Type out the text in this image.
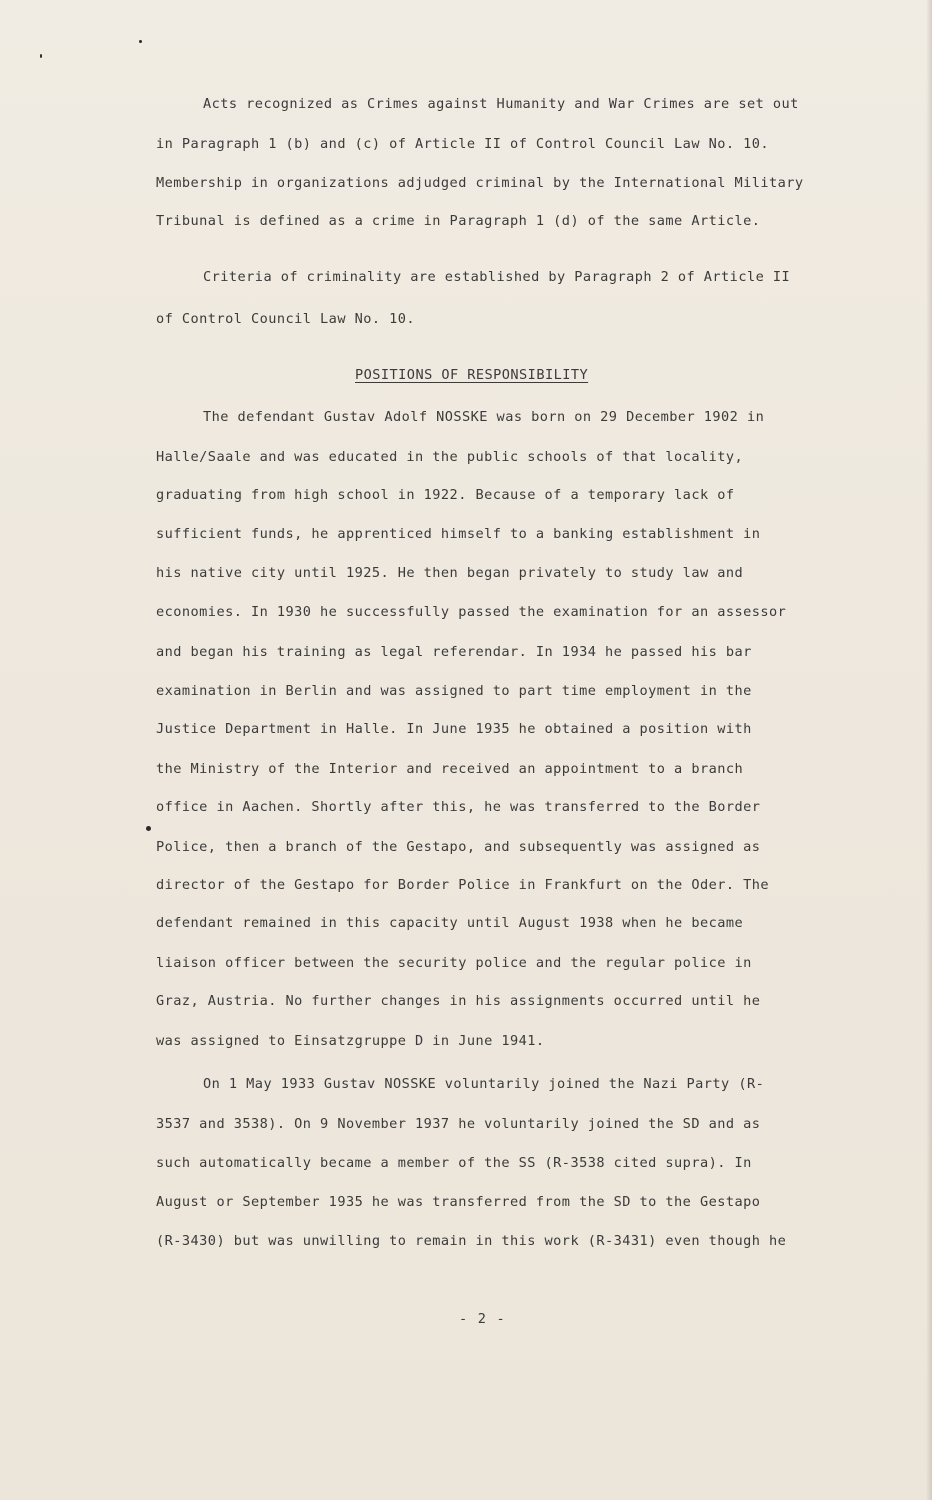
Acts recognized as Crimes against Humanity and War Crimes are set out
in Paragraph 1 (b) and (c) of Article II of Control Council Law No. 10.
Membership in organizations adjudged criminal by the International Military
Tribunal is defined as a crime in Paragraph 1 (d) of the same Article.
Criteria of criminality are established by Paragraph 2 of Article II
of Control Council Law No. 10.
POSITIONS OF RESPONSIBILITY
The defendant Gustav Adolf NOSSKE was born on 29 December 1902 in
Halle/Saale and was educated in the public schools of that locality,
graduating from high school in 1922. Because of a temporary lack of
sufficient funds, he apprenticed himself to a banking establishment in
his native city until 1925. He then began privately to study law and
economies. In 1930 he successfully passed the examination for an assessor
and began his training as legal referendar. In 1934 he passed his bar
examination in Berlin and was assigned to part time employment in the
Justice Department in Halle. In June 1935 he obtained a position with
the Ministry of the Interior and received an appointment to a branch
office in Aachen. Shortly after this, he was transferred to the Border
Police, then a branch of the Gestapo, and subsequently was assigned as
director of the Gestapo for Border Police in Frankfurt on the Oder. The
defendant remained in this capacity until August 1938 when he became
liaison officer between the security police and the regular police in
Graz, Austria. No further changes in his assignments occurred until he
was assigned to Einsatzgruppe D in June 1941.
On 1 May 1933 Gustav NOSSKE voluntarily joined the Nazi Party (R-
3537 and 3538). On 9 November 1937 he voluntarily joined the SD and as
such automatically became a member of the SS (R-3538 cited supra). In
August or September 1935 he was transferred from the SD to the Gestapo
(R-3430) but was unwilling to remain in this work (R-3431) even though he
- 2 -
